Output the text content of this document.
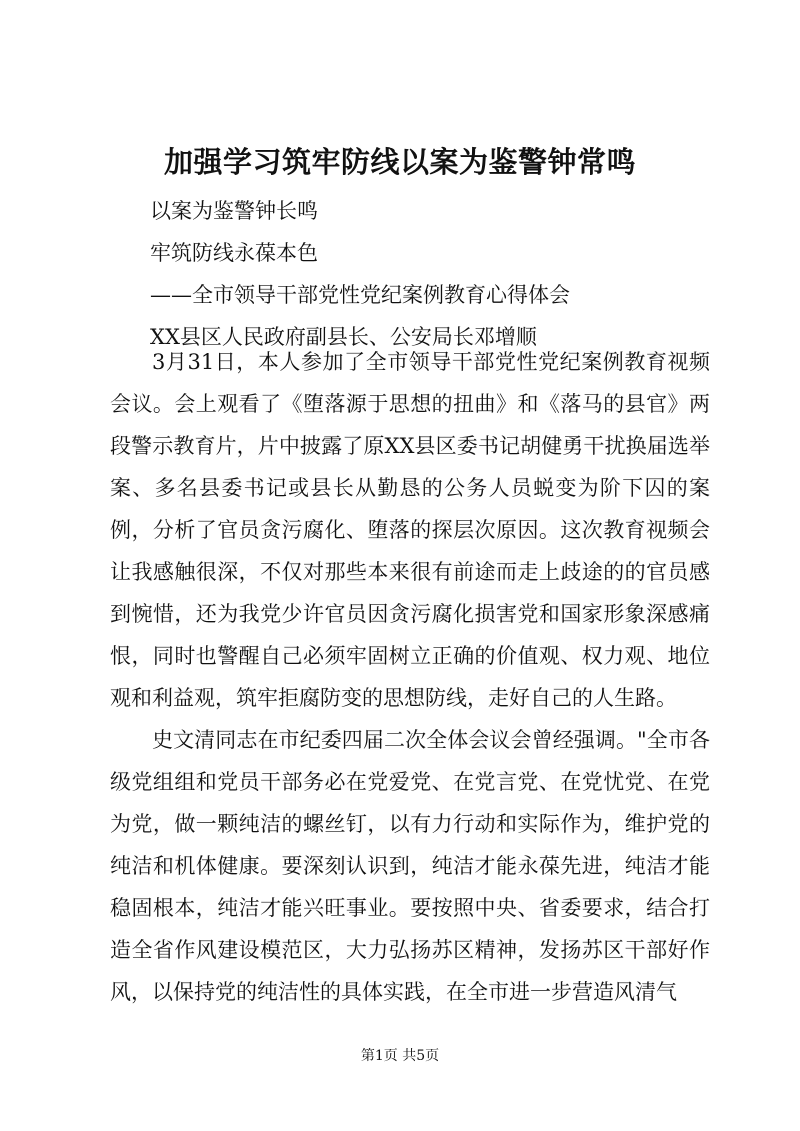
加强学习筑牢防线以案为鉴警钟常鸣
以案为鉴警钟长鸣
牢筑防线永葆本色
——全市领导干部党性党纪案例教育心得体会
XX县区人民政府副县长、公安局长邓增顺

3月31日，本人参加了全市领导干部党性党纪案例教育视频会议。会上观看了《堕落源于思想的扭曲》和《落马的县官》两段警示教育片，片中披露了原XX县区委书记胡健勇干扰换届选举案、多名县委书记或县长从勤恳的公务人员蜕变为阶下囚的案例，分析了官员贪污腐化、堕落的探层次原因。这次教育视频会让我感触很深，不仅对那些本来很有前途而走上歧途的的官员感到惋惜，还为我党少许官员因贪污腐化损害党和国家形象深感痛恨，同时也警醒自己必须牢固树立正确的价值观、权力观、地位观和利益观，筑牢拒腐防变的思想防线，走好自己的人生路。

史文清同志在市纪委四届二次全体会议会曾经强调。"全市各级党组组和党员干部务必在党爱党、在党言党、在党忧党、在党为党，做一颗纯洁的螺丝钉，以有力行动和实际作为，维护党的纯洁和机体健康。要深刻认识到，纯洁才能永葆先进，纯洁才能稳固根本，纯洁才能兴旺事业。要按照中央、省委要求，结合打造全省作风建设模范区，大力弘扬苏区精神，发扬苏区干部好作风，以保持党的纯洁性的具体实践，在全市进一步营造风清气

第1页 共5页
